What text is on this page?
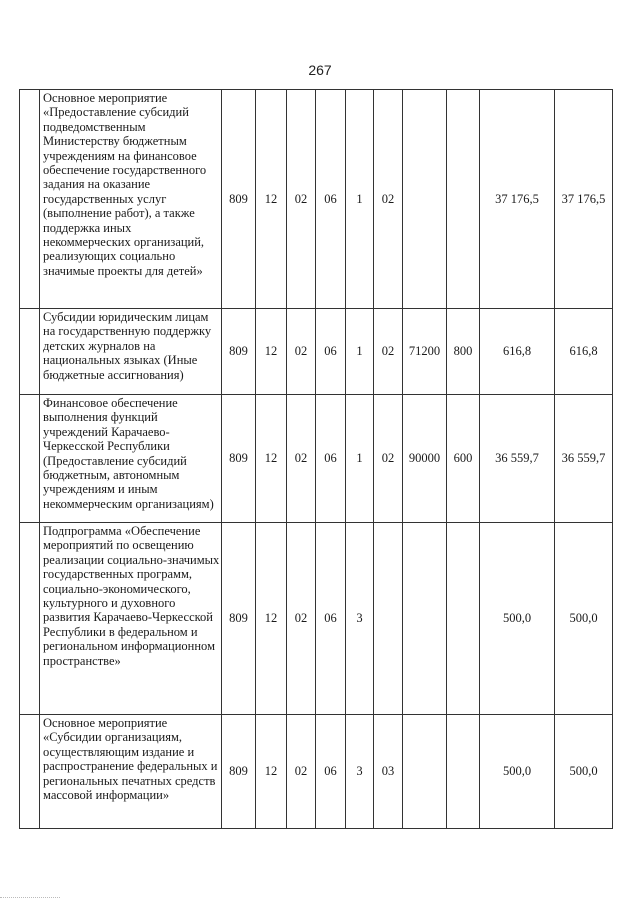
267
	Основное мероприятие «Предоставление субсидий подведомственным Министерству бюджетным учреждениям на финансовое обеспечение государственного задания на оказание государственных услуг (выполнение работ), а также поддержка иных некоммерческих организаций, реализующих социально значимые проекты для детей»	809	12	02	06	1	02			37 176,5	37 176,5
	Субсидии юридическим лицам на государственную поддержку детских журналов на национальных языках (Иные бюджетные ассигнования)	809	12	02	06	1	02	71200	800	616,8	616,8
	Финансовое обеспечение выполнения функций учреждений Карачаево-Черкесской Республики (Предоставление субсидий бюджетным, автономным учреждениям и иным некоммерческим организациям)	809	12	02	06	1	02	90000	600	36 559,7	36 559,7
	Подпрограмма «Обеспечение мероприятий по освещению реализации социально-значимых государственных программ, социально-экономического, культурного и духовного развития Карачаево-Черкесской Республики в федеральном и региональном информационном пространстве»	809	12	02	06	3				500,0	500,0
	Основное мероприятие «Субсидии организациям, осуществляющим издание и распространение федеральных и региональных печатных средств массовой информации»	809	12	02	06	3	03			500,0	500,0
